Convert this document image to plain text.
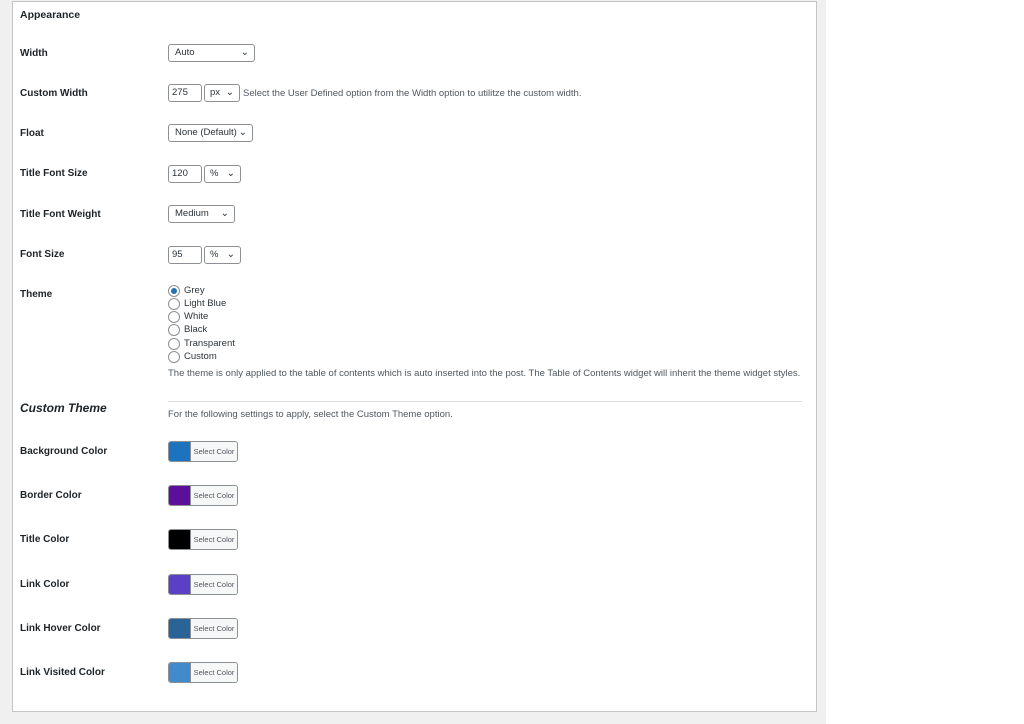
Appearance
Width	Auto	⌄
Custom Width	275	px ⌄ Select the User Defined option from the Width option to utilitze the custom width.
Float	None (Default) ⌄
Title Font Size	120	% ⌄
Title Font Weight	Medium ⌄
Font Size	95	% ⌄
Theme	Grey
Light Blue
White
Black
Transparent
Custom
The theme is only applied to the table of contents which is auto inserted into the post. The Table of Contents widget will inherit the theme widget styles.
Custom Theme	For the following settings to apply, select the Custom Theme option.
Background Color	Select Color
Border Color	Select Color
Title Color	Select Color
Link Color	Select Color
Link Hover Color	Select Color
Link Visited Color	Select Color
